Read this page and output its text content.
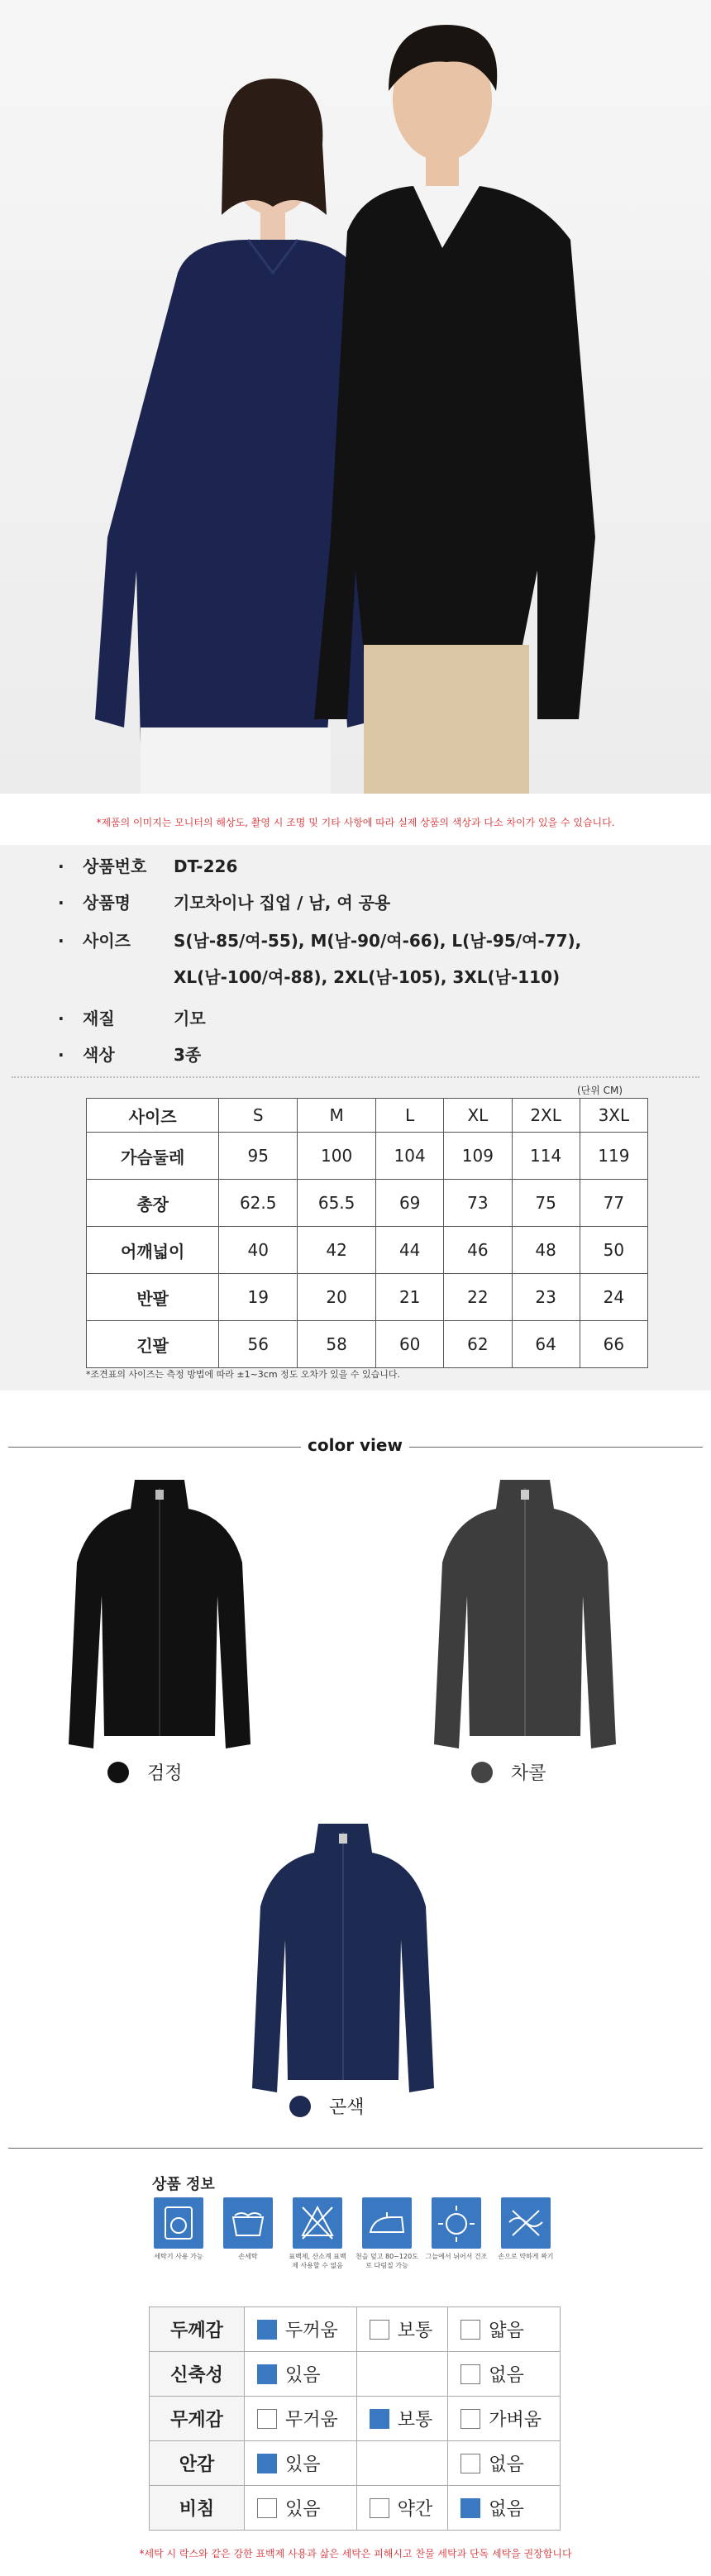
*제품의 이미지는 모니터의 해상도, 촬영 시 조명 및 기타 사항에 따라 실제 상품의 색상과 다소 차이가 있을 수 있습니다.
· 상품번호 DT-226
· 상품명	기모차이나 집업 / 남, 여 공용
· 사이즈	S(남-85/여-55), M(남-90/여-66), L(남-95/여-77),
XL(남-100/여-88), 2XL(남-105), 3XL(남-110)
· 재질	기모
· 색상	3종
(단위 CM)
사이즈	S	M	L	XL	2XL	3XL
가슴둘레	95	100	104	109	114	119
총장	62.5	65.5	69	73	75	77
어깨넓이	40	42	44	46	48	50
반팔	19	20	21	22	23	24
긴팔	56	58	60	62	64	66
*조견표의 사이즈는 측정 방법에 따라 ±1~3cm 정도 오차가 있을 수 있습니다.
color view
검정	차콜
곤색
상품 정보
세탁기 사용 가능	손세탁	표백제, 산소계 표백제 사용할 수 없음
천을 덮고 80~120도로 다림질 가능
그늘에서 뉘어서 건조	손으로 약하게 짜기
두께감	두꺼움	보통	얇음

신축성	있음		없음

무게감	무거움	보통	가벼움

안감	있음		없음

비침	있음	약간	없음
*세탁 시 락스와 같은 강한 표백제 사용과 삶은 세탁은 피해시고 찬물 세탁과 단독 세탁을 권장합니다
